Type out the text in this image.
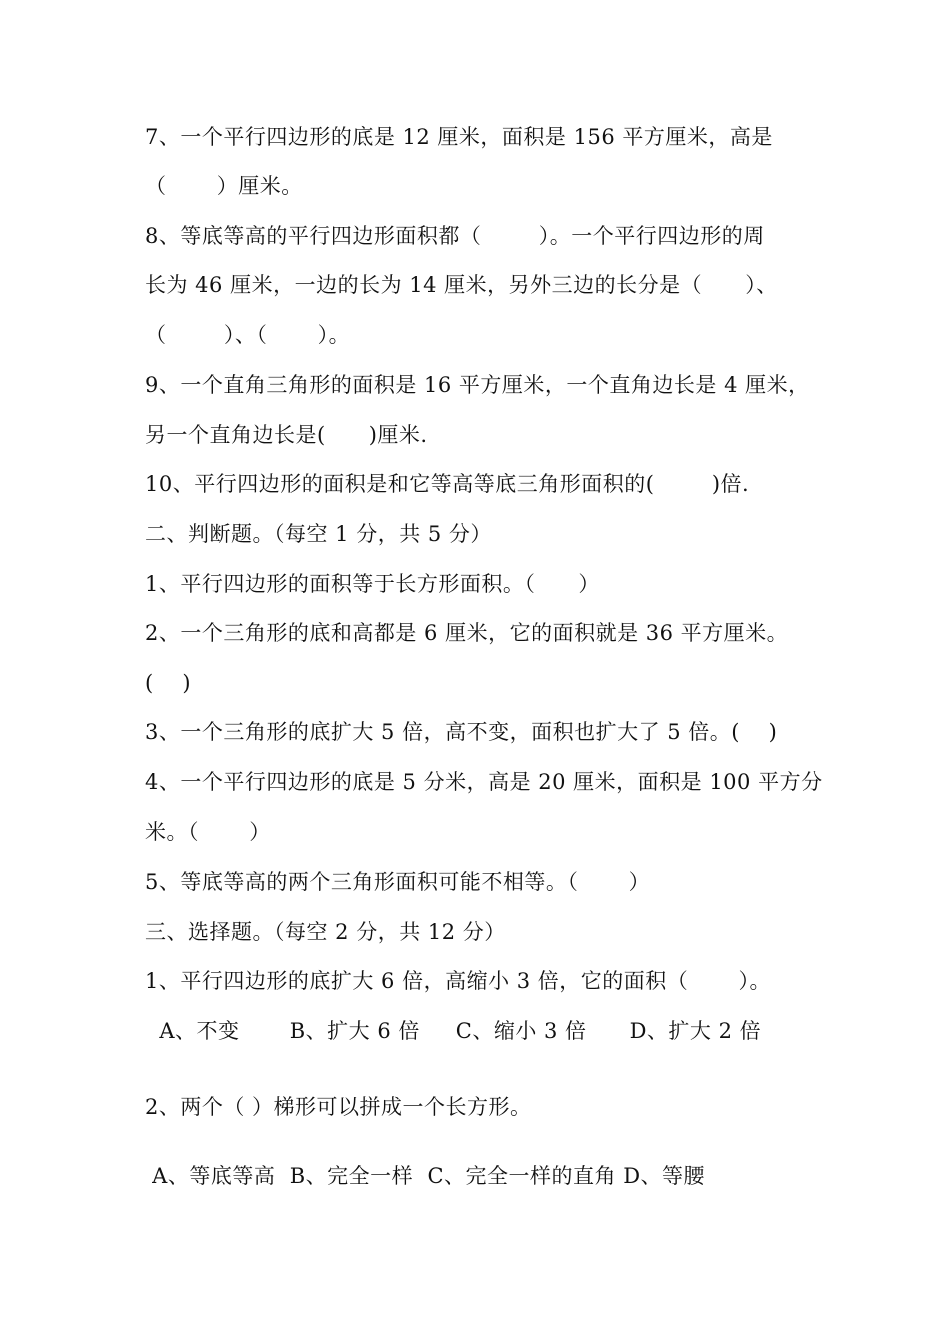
7、一个平行四边形的底是 12 厘米，面积是 156 平方厘米，高是
（       ）厘米。
8、等底等高的平行四边形面积都（        ）。一个平行四边形的周
长为 46 厘米，一边的长为 14 厘米，另外三边的长分是（      ）、
（        ）、（       ）。
9、一个直角三角形的面积是 16 平方厘米，一个直角边长是 4 厘米，
另一个直角边长是(      )厘米.
10、平行四边形的面积是和它等高等底三角形面积的(        )倍.
二、判断题。（每空 1 分，共 5 分）
1、平行四边形的面积等于长方形面积。（      ）
2、一个三角形的底和高都是 6 厘米，它的面积就是 36 平方厘米。
(    )
3、一个三角形的底扩大 5 倍，高不变，面积也扩大了 5 倍。(    )
4、一个平行四边形的底是 5 分米，高是 20 厘米，面积是 100 平方分
米。（       ）
5、等底等高的两个三角形面积可能不相等。（       ）
三、选择题。（每空 2 分，共 12 分）
1、平行四边形的底扩大 6 倍，高缩小 3 倍，它的面积（       ）。
A、不变       B、扩大 6 倍     C、缩小 3 倍      D、扩大 2 倍
2、两个（ ）梯形可以拼成一个长方形。
A、等底等高  B、完全一样  C、完全一样的直角 D、等腰
